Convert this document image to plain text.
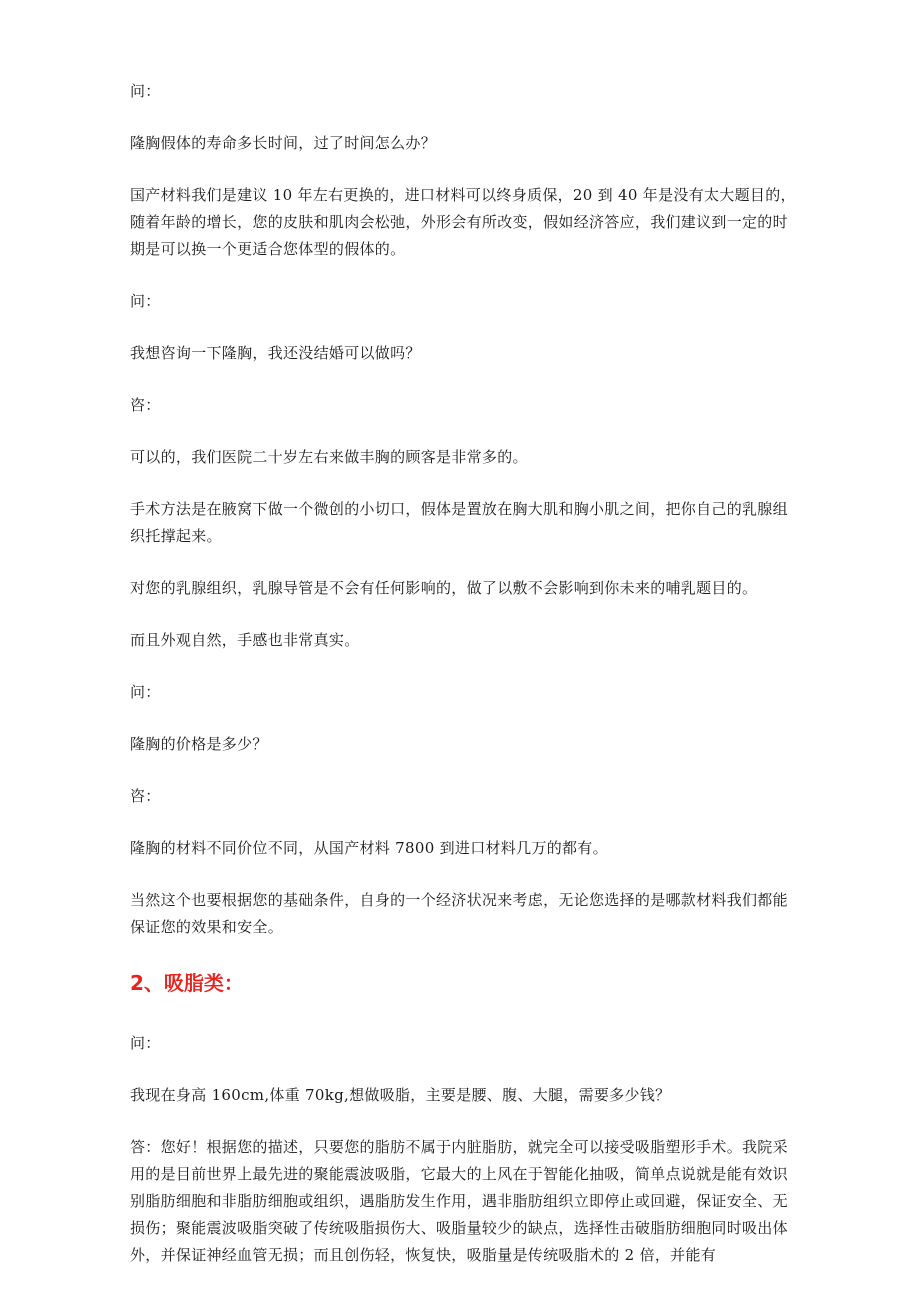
问：

隆胸假体的寿命多长时间，过了时间怎么办？

国产材料我们是建议 10 年左右更换的，进口材料可以终身质保，20 到 40 年是没有太大题目的，随着年龄的增长，您的皮肤和肌肉会松弛，外形会有所改变，假如经济答应，我们建议到一定的时期是可以换一个更适合您体型的假体的。

问：

我想咨询一下隆胸，我还没结婚可以做吗？

咨：

可以的，我们医院二十岁左右来做丰胸的顾客是非常多的。

手术方法是在腋窝下做一个微创的小切口，假体是置放在胸大肌和胸小肌之间，把你自己的乳腺组织托撑起来。

对您的乳腺组织，乳腺导管是不会有任何影响的，做了以敷不会影响到你未来的哺乳题目的。

而且外观自然，手感也非常真实。

问：

隆胸的价格是多少？

咨：

隆胸的材料不同价位不同，从国产材料 7800 到进口材料几万的都有。

当然这个也要根据您的基础条件，自身的一个经济状况来考虑，无论您选择的是哪款材料我们都能保证您的效果和安全。

2、吸脂类：

问：

我现在身高 160cm,体重 70kg,想做吸脂，主要是腰、腹、大腿，需要多少钱？

答：您好！根据您的描述，只要您的脂肪不属于内脏脂肪，就完全可以接受吸脂塑形手术。我院采用的是目前世界上最先进的聚能震波吸脂，它最大的上风在于智能化抽吸，简单点说就是能有效识别脂肪细胞和非脂肪细胞或组织，遇脂肪发生作用，遇非脂肪组织立即停止或回避，保证安全、无损伤；聚能震波吸脂突破了传统吸脂损伤大、吸脂量较少的缺点，选择性击破脂肪细胞同时吸出体外，并保证神经血管无损；而且创伤轻，恢复快，吸脂量是传统吸脂术的 2 倍，并能有
